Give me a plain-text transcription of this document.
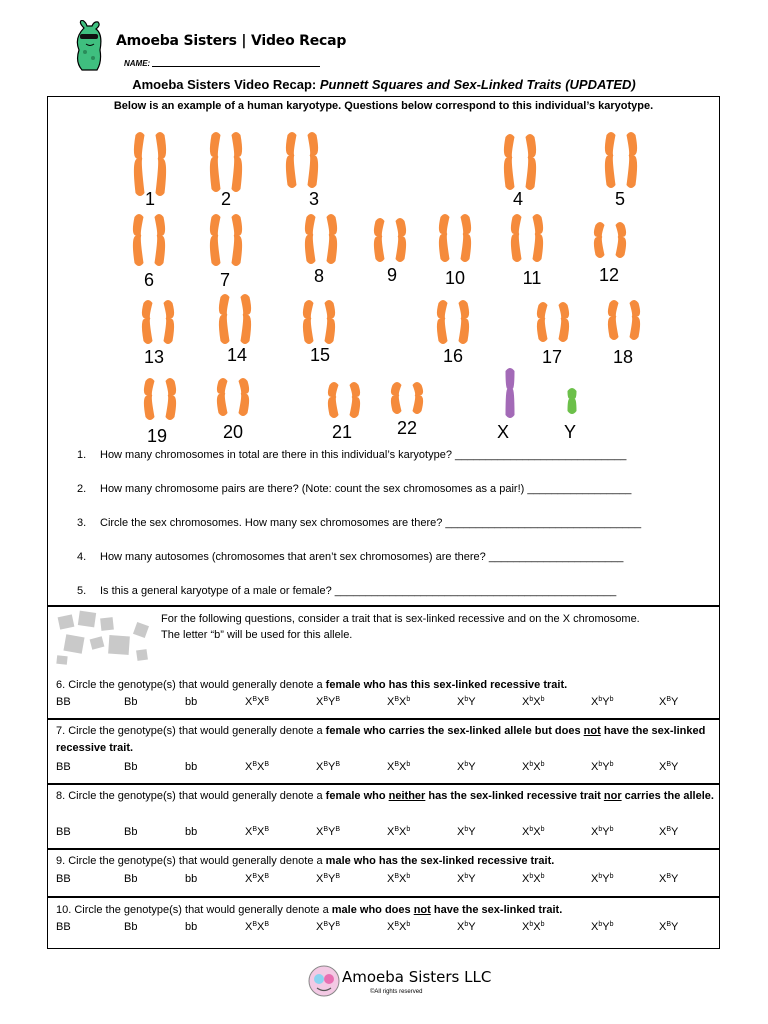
Amoeba Sisters | Video Recap
NAME:
Amoeba Sisters Video Recap: Punnett Squares and Sex-Linked Traits (UPDATED)
Below is an example of a human karyotype. Questions below correspond to this individual’s karyotype.
1	2	3	4	5
6	7	8	9	10	11	12
13	14	15	16	17	18
19	20	21 22	X	Y
1. How many chromosomes in total are there in this individual’s karyotype? ____________________________
2. How many chromosome pairs are there? (Note: count the sex chromosomes as a pair!) _________________
3. Circle the sex chromosomes. How many sex chromosomes are there? ________________________________
4. How many autosomes (chromosomes that aren’t sex chromosomes) are there? ______________________
5. Is this a general karyotype of a male or female? ______________________________________________
For the following questions, consider a trait that is sex-linked recessive and on the X chromosome.
The letter “b” will be used for this allele.
6. Circle the genotype(s) that would generally denote a female who has this sex-linked recessive trait.
BB	Bb	bb	$X^BX^B$	$X^BY^B$	$X^BX^b$	$X^bY$	$X^bX^b$	$X^bY^b$	$X^BY$
7. Circle the genotype(s) that would generally denote a female who carries the sex-linked allele but does not have the sex-linked recessive trait.
BB	Bb	bb	$X^BX^B$	$X^BY^B$	$X^BX^b$	$X^bY$	$X^bX^b$	$X^bY^b$	$X^BY$
8. Circle the genotype(s) that would generally denote a female who neither has the sex-linked recessive trait nor carries the allele.
BB	Bb	bb	$X^BX^B$	$X^BY^B$	$X^BX^b$	$X^bY$	$X^bX^b$	$X^bY^b$	$X^BY$
9. Circle the genotype(s) that would generally denote a male who has the sex-linked recessive trait.
BB	Bb	bb	$X^BX^B$	$X^BY^B$	$X^BX^b$	$X^bY$	$X^bX^b$	$X^bY^b$	$X^BY$
10. Circle the genotype(s) that would generally denote a male who does not have the sex-linked trait.
BB	Bb	bb	$X^BX^B$	$X^BY^B$	$X^BX^b$	$X^bY$	$X^bX^b$	$X^bY^b$	$X^BY$
Amoeba Sisters LLC
©All rights reserved
